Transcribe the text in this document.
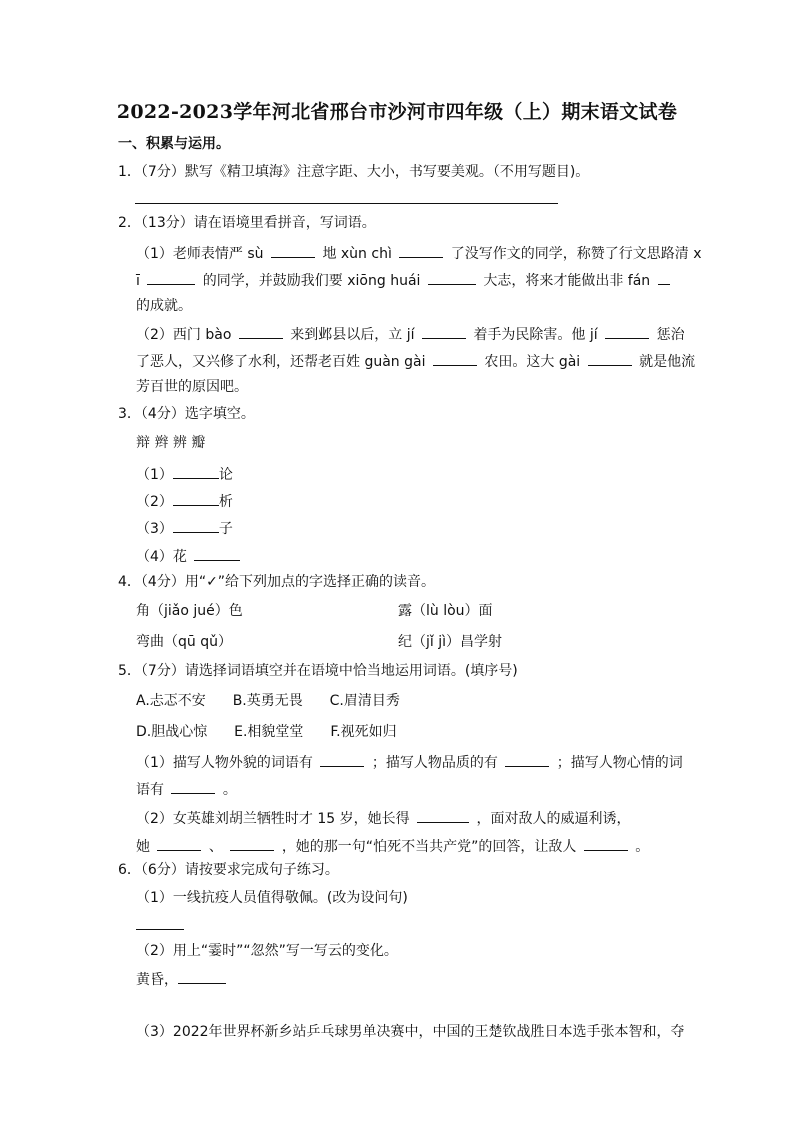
2022-2023学年河北省邢台市沙河市四年级（上）期末语文试卷
一、积累与运用。
1．（7分）默写《精卫填海》注意字距、大小，书写要美观。（不用写题目)。
2．（13分）请在语境里看拼音，写词语。
（1）老师表情严 sù	地 xùn chì	了没写作文的同学，称赞了行文思路清 x
ī	的同学，并鼓励我们要 xiōng huái	大志，将来才能做出非 fán
的成就。
（2）西门 bào	来到邺县以后，立 jí	着手为民除害。他 jí	惩治
了恶人，又兴修了水利，还帮老百姓 guàn gài	农田。这大 gài	就是他流
芳百世的原因吧。
3．（4分）选字填空。
辩 辫 辨 瓣
（1）	论
（2）	析
（3）	子
（4）花
4．（4分）用“✓”给下列加点的字选择正确的读音。
角（jiǎo jué）色	露（lù lòu）面
弯曲（qū qǔ）	纪（jǐ jì）昌学射
5．（7分）请选择词语填空并在语境中恰当地运用词语。(填序号)
A.忐忑不安 B.英勇无畏 C.眉清目秀
D.胆战心惊 E.相貌堂堂 F.视死如归
（1）描写人物外貌的词语有	；描写人物品质的有	；描写人物心情的词
语有	。
（2）女英雄刘胡兰牺牲时才 15 岁，她长得	，面对敌人的威逼利诱，
她	、	，她的那一句“怕死不当共产党”的回答，让敌人	。
6．（6分）请按要求完成句子练习。
（1）一线抗疫人员值得敬佩。(改为设问句)
（2）用上“霎时”“忽然”写一写云的变化。
黄昏，
（3）2022年世界杯新乡站乒乓球男单决赛中，中国的王楚钦战胜日本选手张本智和，夺
